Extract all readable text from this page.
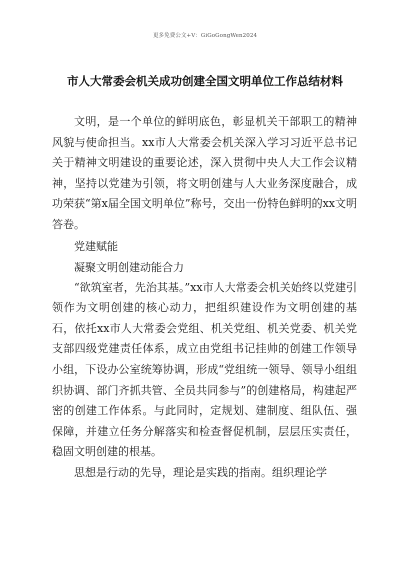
更多免费公文+V：GiGoGongWen2024
市人大常委会机关成功创建全国文明单位工作总结材料

文明，是一个单位的鲜明底色，彰显机关干部职工的精神风貌与使命担当。xx市人大常委会机关深入学习习近平总书记关于精神文明建设的重要论述，深入贯彻中央人大工作会议精神，坚持以党建为引领，将文明创建与人大业务深度融合，成功荣获“第x届全国文明单位”称号，交出一份特色鲜明的xx文明答卷。

党建赋能

凝聚文明创建动能合力

“欲筑室者，先治其基。”xx市人大常委会机关始终以党建引领作为文明创建的核心动力，把组织建设作为文明创建的基石，依托xx市人大常委会党组、机关党组、机关党委、机关党支部四级党建责任体系，成立由党组书记挂帅的创建工作领导小组，下设办公室统筹协调，形成“党组统一领导、领导小组组织协调、部门齐抓共管、全员共同参与”的创建格局，构建起严密的创建工作体系。与此同时，定规划、建制度、组队伍、强保障，并建立任务分解落实和检查督促机制，层层压实责任，稳固文明创建的根基。

思想是行动的先导，理论是实践的指南。组织理论学
